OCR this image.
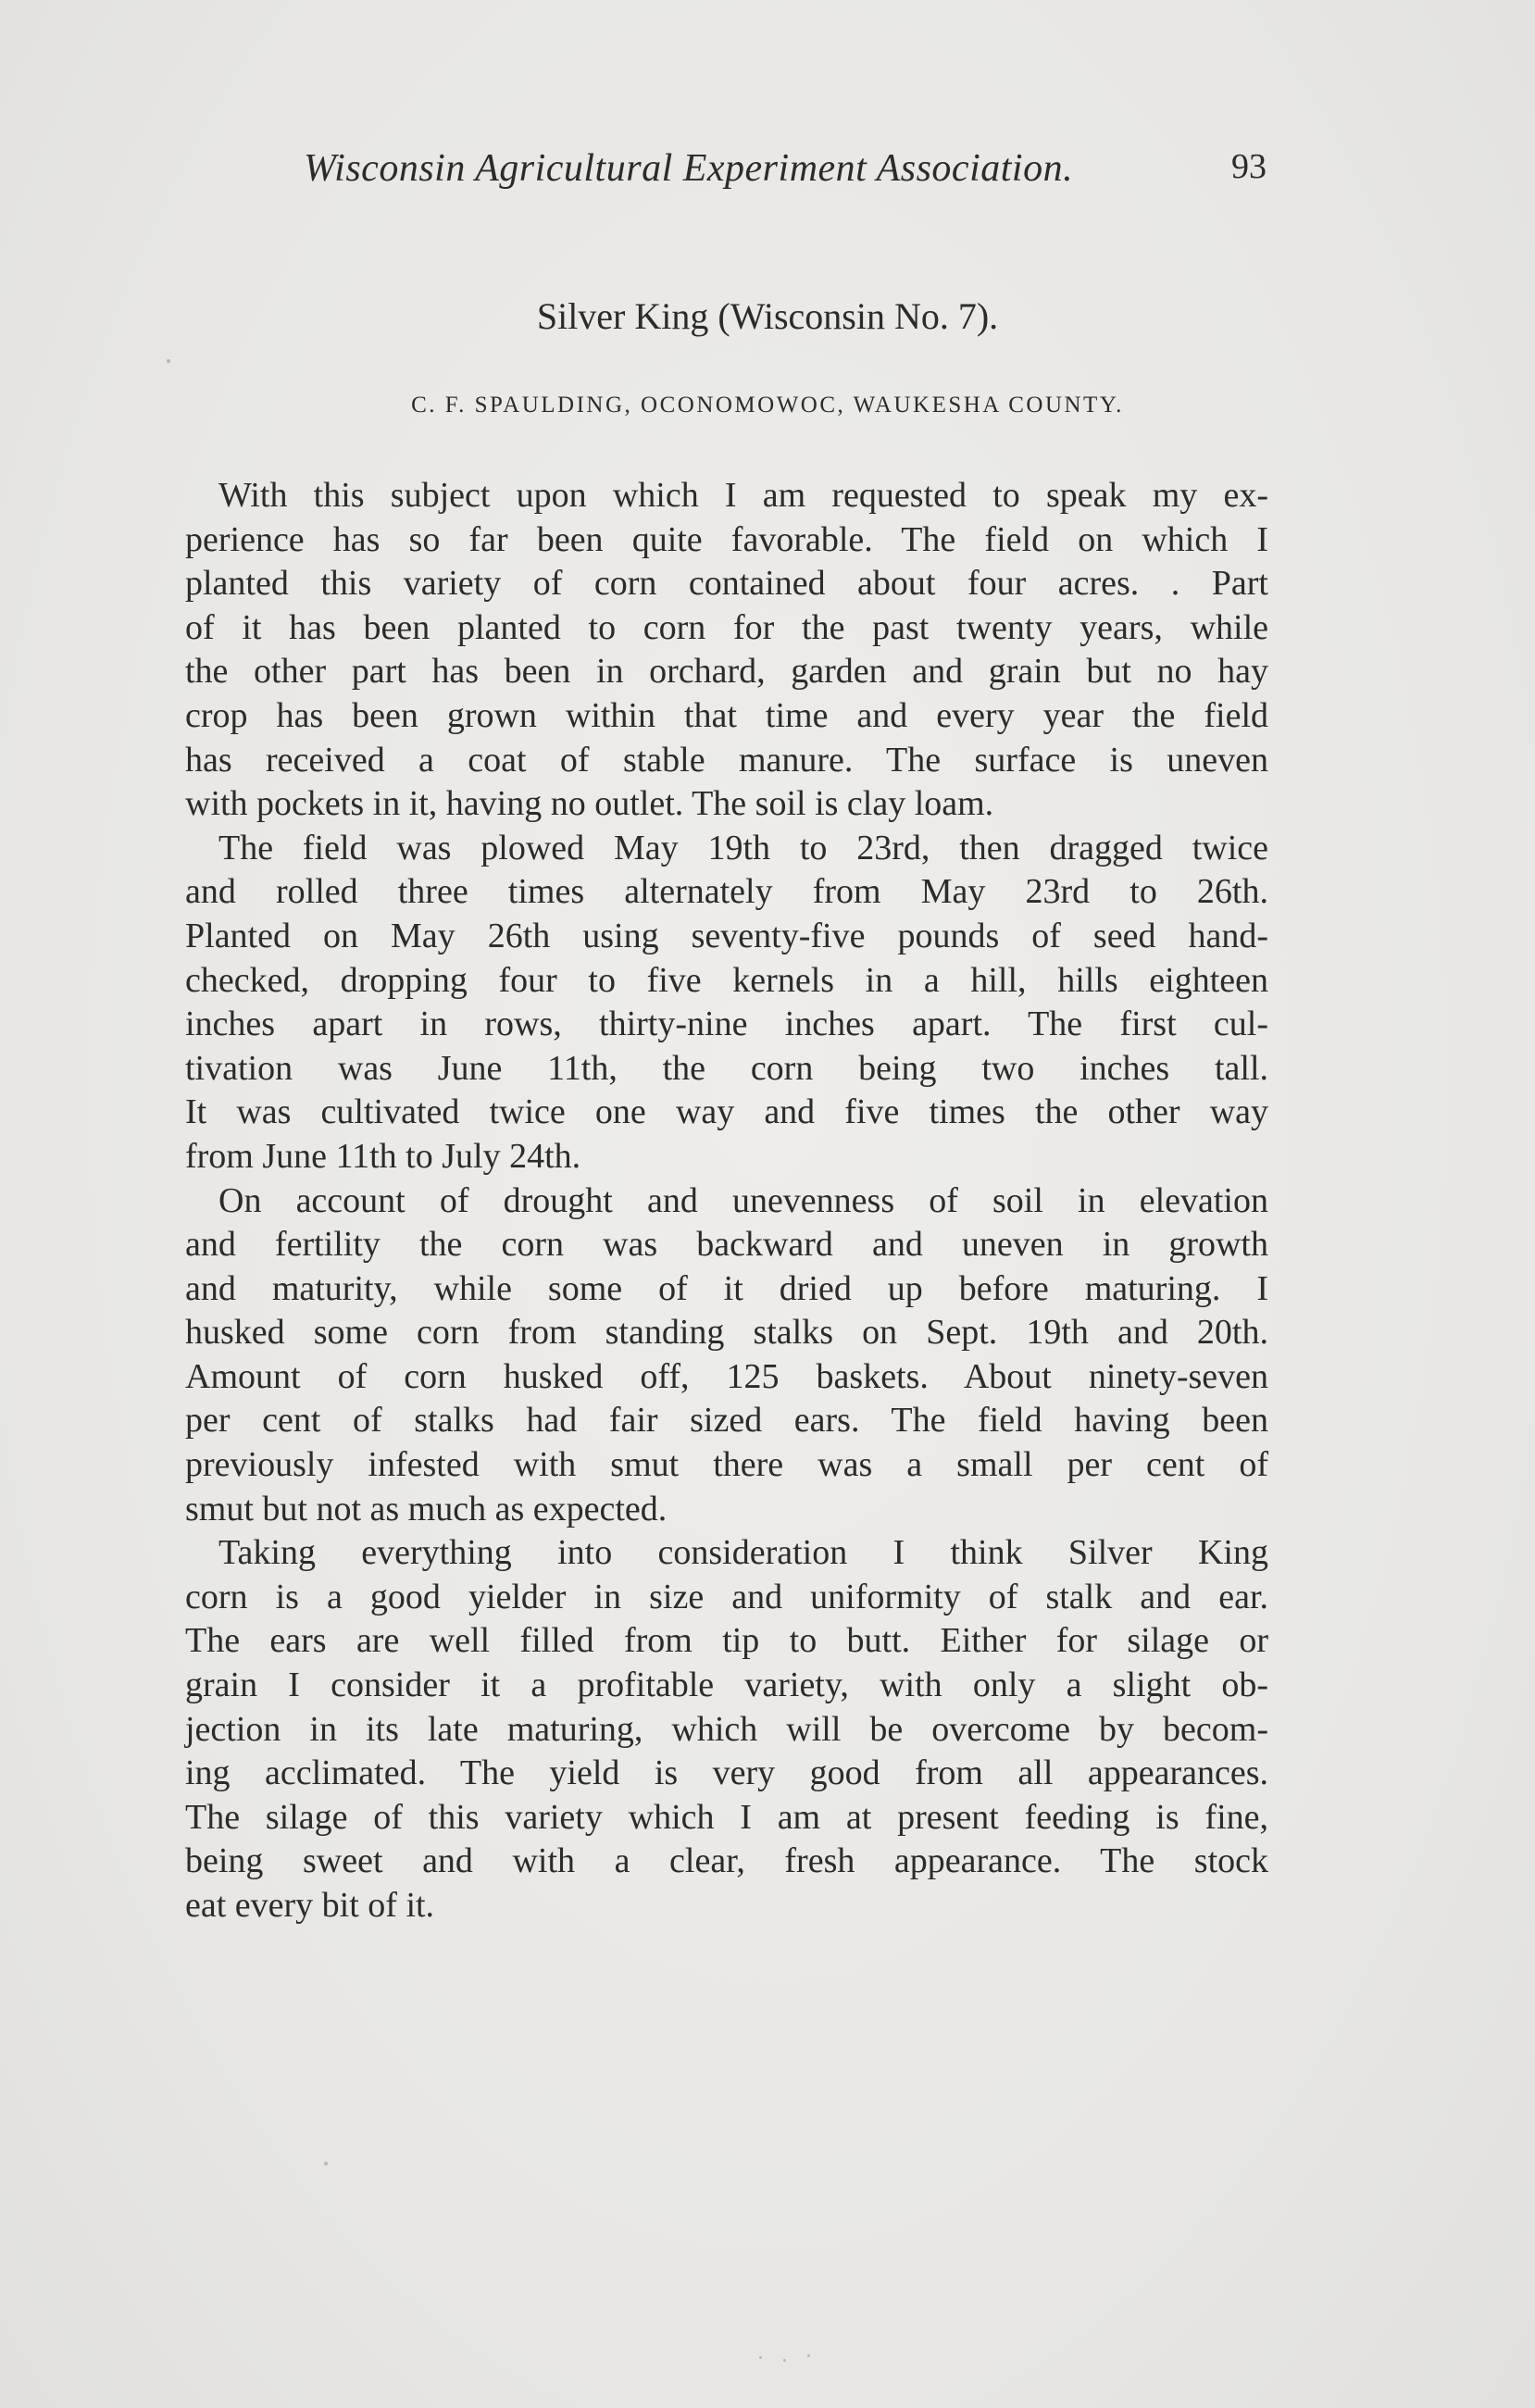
Wisconsin Agricultural Experiment Association.	93
Silver King (Wisconsin No. 7).
C. F. SPAULDING, OCONOMOWOC, WAUKESHA COUNTY.
With this subject upon which I am requested to speak my ex-
perience has so far been quite favorable. The field on which I
planted this variety of corn contained about four acres. . Part
of it has been planted to corn for the past twenty years, while
the other part has been in orchard, garden and grain but no hay
crop has been grown within that time and every year the field
has received a coat of stable manure. The surface is uneven
with pockets in it, having no outlet. The soil is clay loam.
The field was plowed May 19th to 23rd, then dragged twice
and rolled three times alternately from May 23rd to 26th.
Planted on May 26th using seventy-five pounds of seed hand-
checked, dropping four to five kernels in a hill, hills eighteen
inches apart in rows, thirty-nine inches apart. The first cul-
tivation was June 11th, the corn being two inches tall.
It was cultivated twice one way and five times the other way
from June 11th to July 24th.
On account of drought and unevenness of soil in elevation
and fertility the corn was backward and uneven in growth
and maturity, while some of it dried up before maturing. I
husked some corn from standing stalks on Sept. 19th and 20th.
Amount of corn husked off, 125 baskets. About ninety-seven
per cent of stalks had fair sized ears. The field having been
previously infested with smut there was a small per cent of
smut but not as much as expected.
Taking everything into consideration I think Silver King
corn is a good yielder in size and uniformity of stalk and ear.
The ears are well filled from tip to butt. Either for silage or
grain I consider it a profitable variety, with only a slight ob-
jection in its late maturing, which will be overcome by becom-
ing acclimated. The yield is very good from all appearances.
The silage of this variety which I am at present feeding is fine,
being sweet and with a clear, fresh appearance. The stock
eat every bit of it.
